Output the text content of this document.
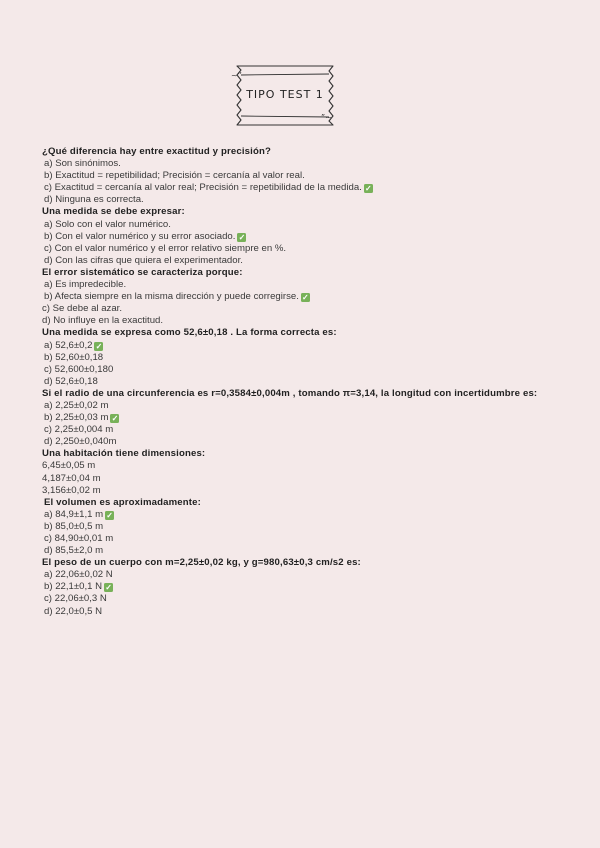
~”
”~
TIPO TEST 1
¿Qué diferencia hay entre exactitud y precisión?
a) Son sinónimos.
b) Exactitud = repetibilidad; Precisión = cercanía al valor real.
c) Exactitud = cercanía al valor real; Precisión = repetibilidad de la medida. ✓
d) Ninguna es correcta.
Una medida se debe expresar:
a) Solo con el valor numérico.
b) Con el valor numérico y su error asociado. ✓
c) Con el valor numérico y el error relativo siempre en %.
d) Con las cifras que quiera el experimentador.
El error sistemático se caracteriza porque:
a) Es impredecible.
b) Afecta siempre en la misma dirección y puede corregirse. ✓
c) Se debe al azar.
d) No influye en la exactitud.
Una medida se expresa como 52,6±0,18 . La forma correcta es:
a) 52,6±0,2 ✓
b) 52,60±0,18
c) 52,600±0,180
d) 52,6±0,18
Si el radio de una circunferencia es r=0,3584±0,004m , tomando π=3,14, la longitud con incertidumbre es:
a) 2,25±0,02 m
b) 2,25±0,03 m ✓
c) 2,25±0,004 m
d) 2,250±0,040m
Una habitación tiene dimensiones:
6,45±0,05 m
4,187±0,04 m
3,156±0,02 m
El volumen es aproximadamente:
a) 84,9±1,1 m ✓
b) 85,0±0,5 m
c) 84,90±0,01 m
d) 85,5±2,0 m
El peso de un cuerpo con m=2,25±0,02 kg, y g=980,63±0,3 cm/s2 es:
a) 22,06±0,02 N
b) 22,1±0,1 N ✓
c) 22,06±0,3 N
d) 22,0±0,5 N
